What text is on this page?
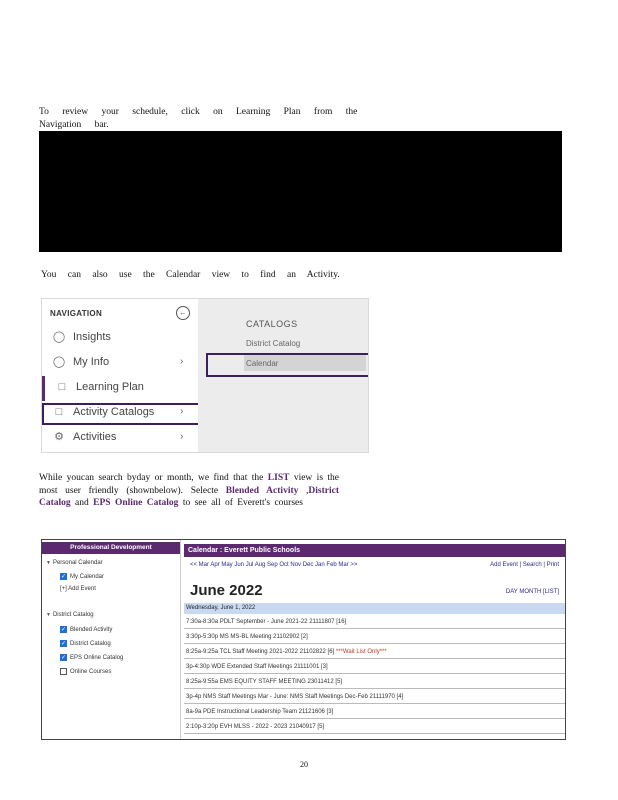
To review your schedule, click on Learning Plan from the Navigation bar.
You can also use the Calendar view to find an Activity.
NAVIGATION	←
◯ Insights
◯ My Info	›
□ Learning Plan
□ Activity Catalogs	›
⚙ Activities	›
CATALOGS
District Catalog
Calendar
While youcan search byday or month, we find that the LIST view is the most user friendly (shownbelow). Selecte Blended Activity ,District Catalog and EPS Online Catalog to see all of Everett's courses
Professional Development
▼ Personal Calendar
✓ My Calendar
[+] Add Event
▼ District Catalog
✓ Blended Activity
✓ District Catalog
✓ EPS Online Catalog
Online Courses
Calendar : Everett Public Schools
<< Mar Apr May Jun Jul Aug Sep Oct Nov Dec Jan Feb Mar >>	Add Event | Search | Print
June 2022	DAY MONTH [LIST]
Wednesday, June 1, 2022
7:30a-8:30a PDLT September - June 2021-22 21111807 [16]
3:30p-5:30p MS MS-BL Meeting 21102902 [2]
8:25a-9:25a TCL Staff Meeting 2021-2022 21102822 [6] ***Wait List Only***
3p-4:30p WDE Extended Staff Meetings 21111001 [3]
8:25a-9:55a EMS EQUITY STAFF MEETING 23011412 [5]
3p-4p NMS Staff Meetings Mar - June: NMS Staff Meetings Dec-Feb 21111970 [4]
8a-9a PDE Instructional Leadership Team 21121606 [3]
2:10p-3:20p EVH MLSS - 2022 - 2023 21040917 [5]
20
